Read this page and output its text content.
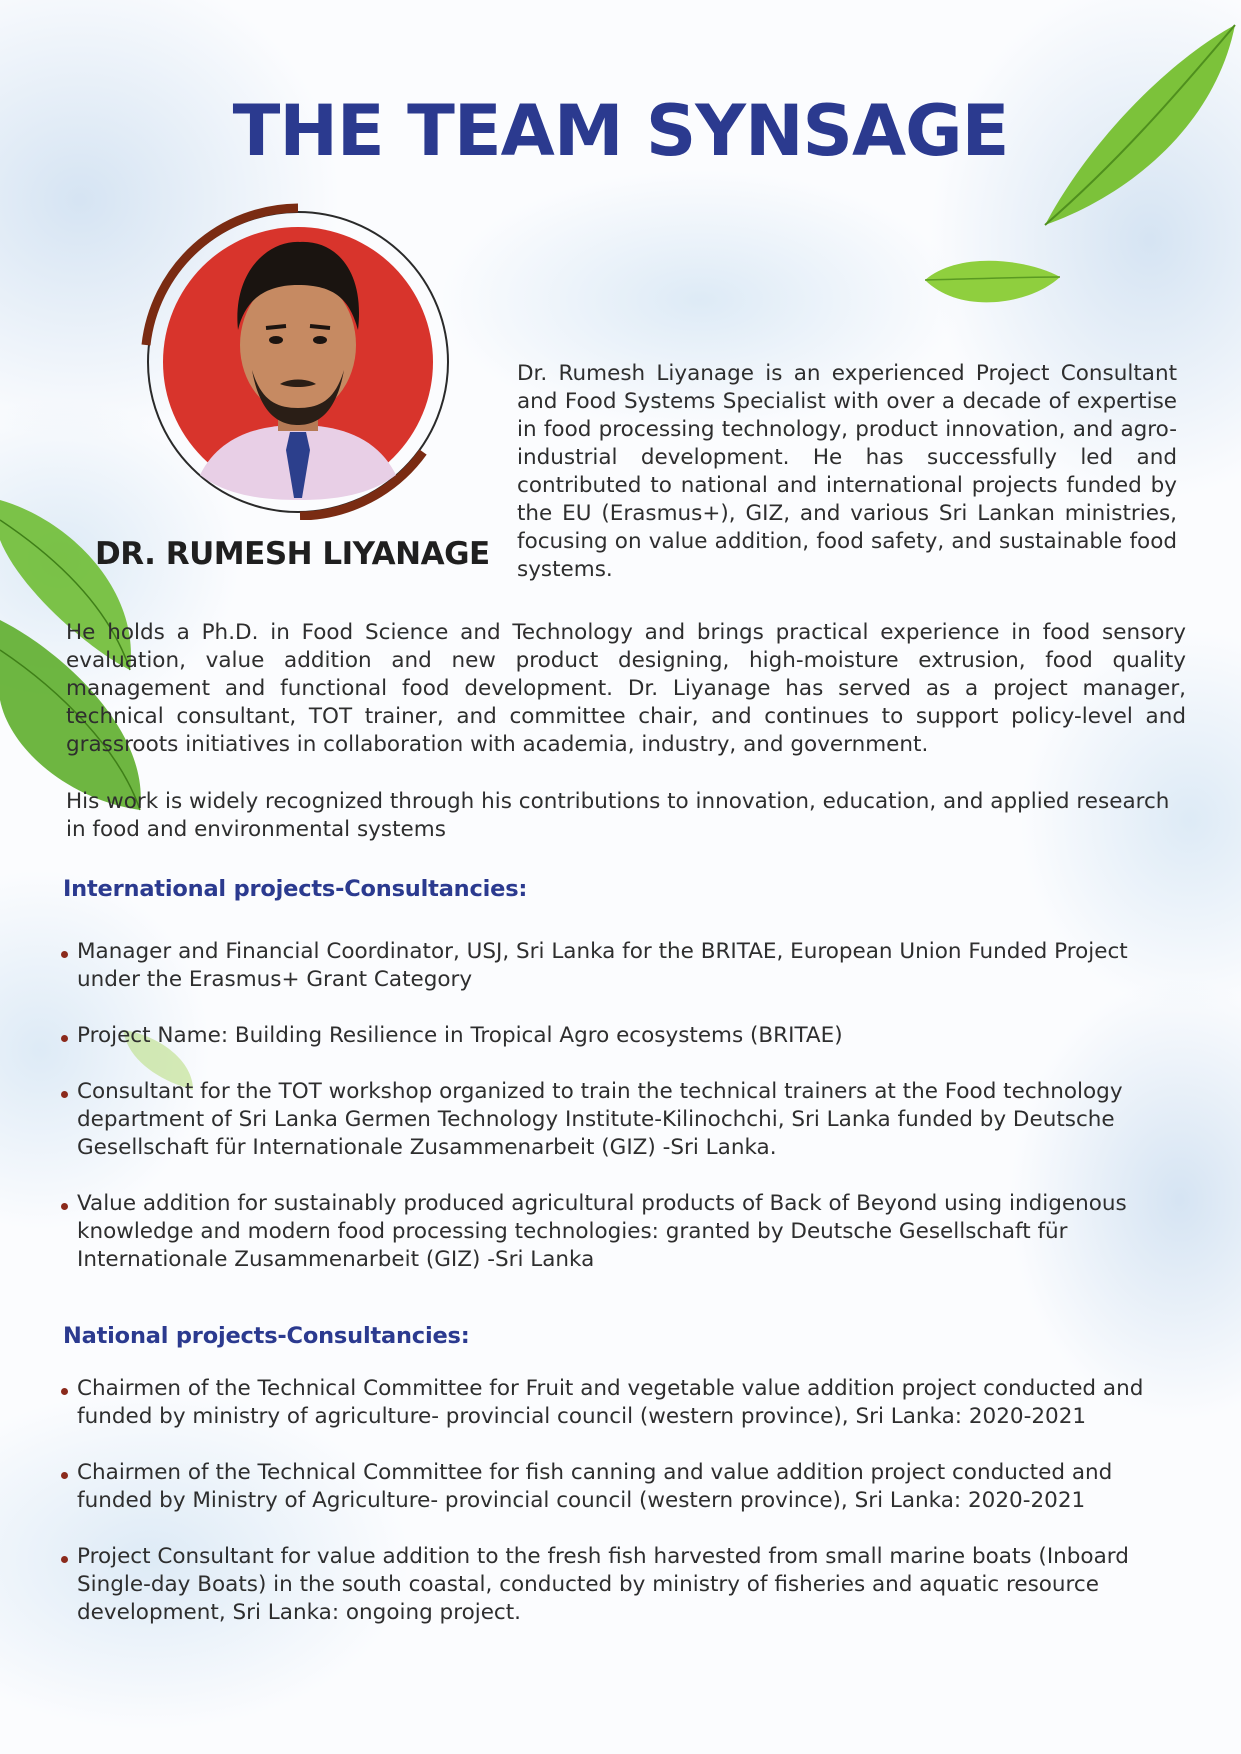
THE TEAM SYNSAGE
DR. RUMESH LIYANAGE

Dr. Rumesh Liyanage is an experienced Project Consultant and Food Systems Specialist with over a decade of expertise in food processing technology, product innovation, and agro-industrial development. He has successfully led and contributed to national and international projects funded by the EU (Erasmus+), GIZ, and various Sri Lankan ministries, focusing on value addition, food safety, and sustainable food systems.

He holds a Ph.D. in Food Science and Technology and brings practical experience in food sensory evaluation, value addition and new product designing, high-moisture extrusion, food quality management and functional food development. Dr. Liyanage has served as a project manager, technical consultant, TOT trainer, and committee chair, and continues to support policy-level and grassroots initiatives in collaboration with academia, industry, and government.

His work is widely recognized through his contributions to innovation, education, and applied research in food and environmental systems

International projects-Consultancies:
Manager and Financial Coordinator, USJ, Sri Lanka for the BRITAE, European Union Funded Project under the Erasmus+ Grant Category
Project Name: Building Resilience in Tropical Agro ecosystems (BRITAE)
Consultant for the TOT workshop organized to train the technical trainers at the Food technology department of Sri Lanka Germen Technology Institute-Kilinochchi, Sri Lanka funded by Deutsche Gesellschaft für Internationale Zusammenarbeit (GIZ) -Sri Lanka.
Value addition for sustainably produced agricultural products of Back of Beyond using indigenous knowledge and modern food processing technologies: granted by Deutsche Gesellschaft für Internationale Zusammenarbeit (GIZ) -Sri Lanka
National projects-Consultancies:
Chairmen of the Technical Committee for Fruit and vegetable value addition project conducted and funded by ministry of agriculture- provincial council (western province), Sri Lanka: 2020-2021
Chairmen of the Technical Committee for fish canning and value addition project conducted and funded by Ministry of Agriculture- provincial council (western province), Sri Lanka: 2020-2021
Project Consultant for value addition to the fresh fish harvested from small marine boats (Inboard Single-day Boats) in the south coastal, conducted by ministry of fisheries and aquatic resource development, Sri Lanka: ongoing project.
